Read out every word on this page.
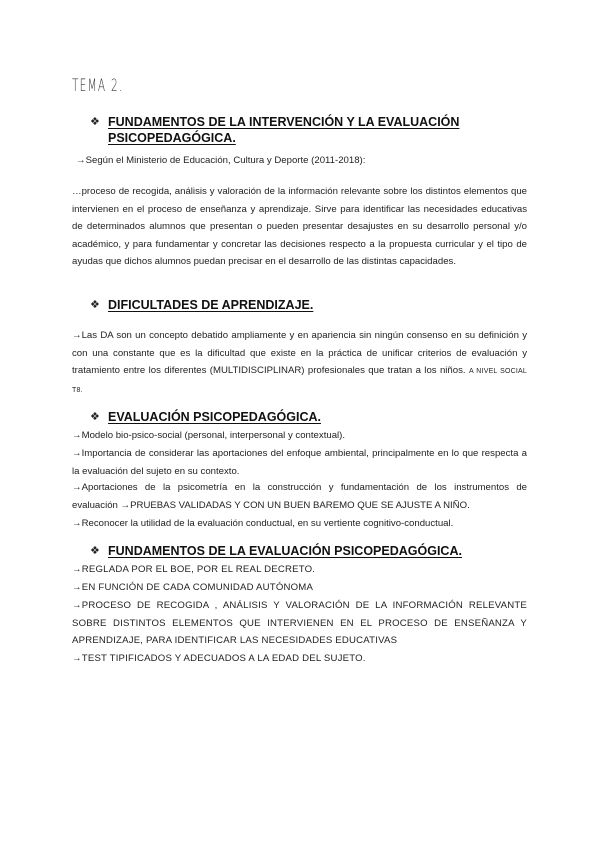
TEMA 2.
❖ FUNDAMENTOS DE LA INTERVENCIÓN Y LA EVALUACIÓN PSICOPEDAGÓGICA.
→Según el Ministerio de Educación, Cultura y Deporte (2011-2018):
…proceso de recogida, análisis y valoración de la información relevante sobre los distintos elementos que intervienen en el proceso de enseñanza y aprendizaje. Sirve para identificar las necesidades educativas de determinados alumnos que presentan o pueden presentar desajustes en su desarrollo personal y/o académico, y para fundamentar y concretar las decisiones respecto a la propuesta curricular y el tipo de ayudas que dichos alumnos puedan precisar en el desarrollo de las distintas capacidades.
❖ DIFICULTADES DE APRENDIZAJE.
→Las DA son un concepto debatido ampliamente y en apariencia sin ningún consenso en su definición y con una constante que es la dificultad que existe en la práctica de unificar criterios de evaluación y tratamiento entre los diferentes (MULTIDISCIPLINAR) profesionales que tratan a los niños. A NIVEL SOCIAL T8.
❖ EVALUACIÓN PSICOPEDAGÓGICA.
→Modelo bio-psico-social (personal, interpersonal y contextual).
→Importancia de considerar las aportaciones del enfoque ambiental, principalmente en lo que respecta a la evaluación del sujeto en su contexto.
→Aportaciones de la psicometría en la construcción y fundamentación de los instrumentos de
evaluación →PRUEBAS VALIDADAS Y CON UN BUEN BAREMO QUE SE AJUSTE A NIÑO.
→Reconocer la utilidad de la evaluación conductual, en su vertiente cognitivo-conductual.
❖ FUNDAMENTOS DE LA EVALUACIÓN PSICOPEDAGÓGICA.
→REGLADA POR EL BOE, POR EL REAL DECRETO.
→EN FUNCIÓN DE CADA COMUNIDAD AUTÓNOMA
→PROCESO DE RECOGIDA , ANÁLISIS Y VALORACIÓN DE LA INFORMACIÓN RELEVANTE SOBRE DISTINTOS ELEMENTOS QUE INTERVIENEN EN EL PROCESO DE ENSEÑANZA Y APRENDIZAJE, PARA IDENTIFICAR LAS NECESIDADES EDUCATIVAS
→TEST TIPIFICADOS Y ADECUADOS A LA EDAD DEL SUJETO.
